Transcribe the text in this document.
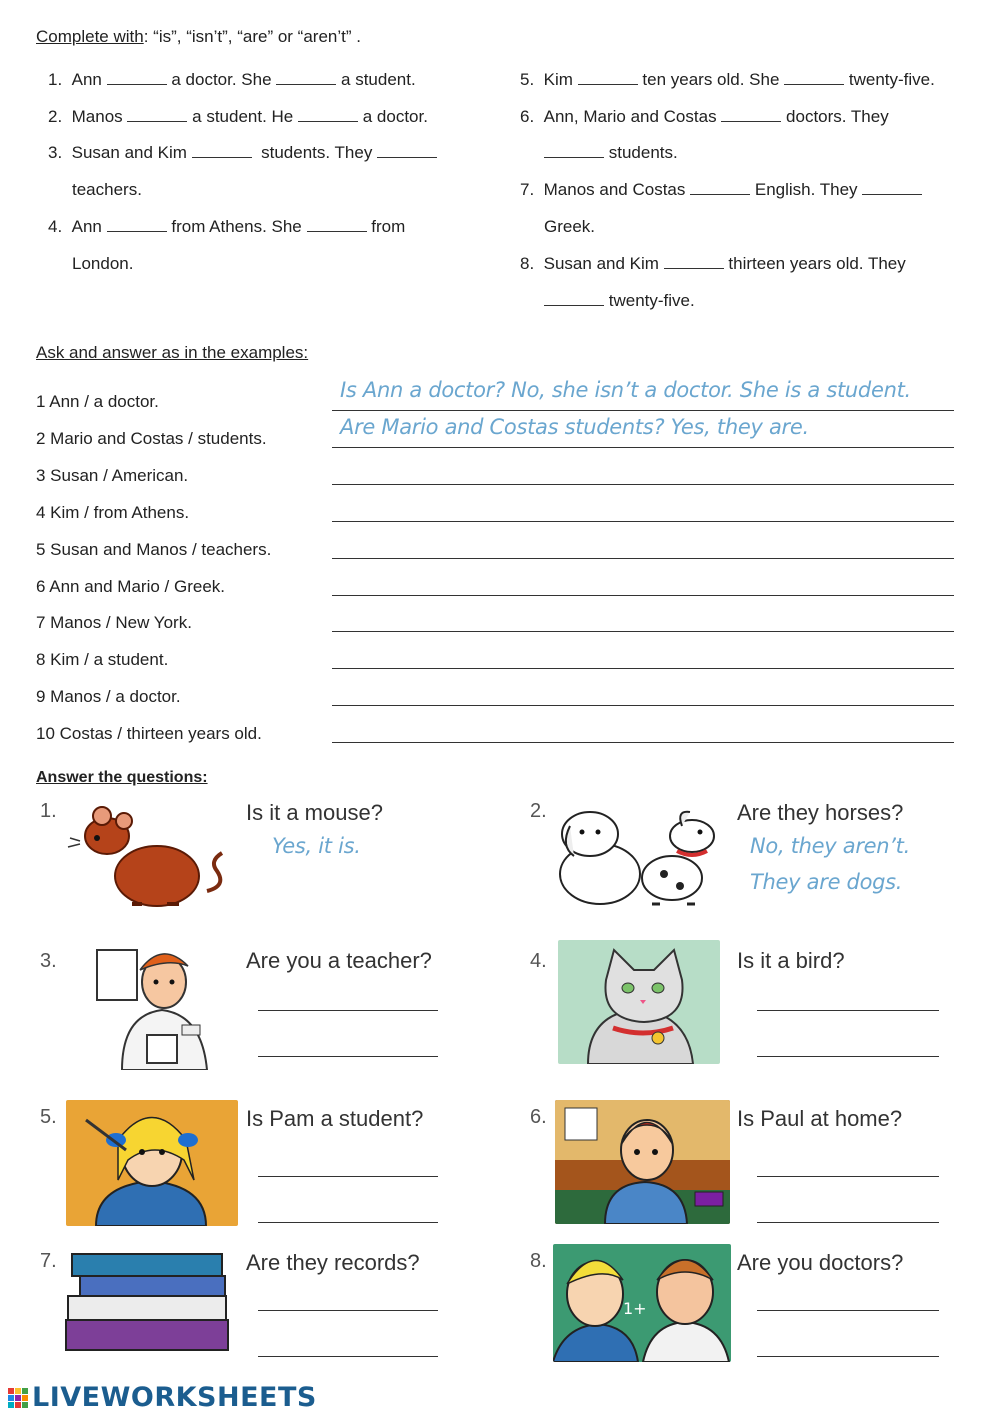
Complete with: “is”, “isn’t”, “are” or “aren’t” .
1. Ann	a doctor. She	a student.
2. Manos	a student. He	a doctor.
3. Susan and Kim	students. They
teachers.
4. Ann	from Athens. She	from
London.
5. Kim	ten years old. She	twenty-five.
6. Ann, Mario and Costas	doctors. They
students.
7. Manos and Costas	English. They
Greek.
8. Susan and Kim	thirteen years old. They
twenty-five.
Ask and answer as in the examples:
1 Ann / a doctor.	Is Ann a doctor? No, she isn’t a doctor. She is a student.
2 Mario and Costas / students.	Are Mario and Costas students? Yes, they are.
3 Susan / American.
4 Kim / from Athens.
5 Susan and Manos / teachers.
6 Ann and Mario / Greek.
7 Manos / New York.
8 Kim / a student.
9 Manos / a doctor.
10 Costas / thirteen years old.
Answer the questions:
1.	Is it a mouse?
Yes, it is.
2.	Are they horses?
No, they aren’t.
They are dogs.
3.	Are you a teacher?	4.	Is it a bird?
5.	Is Pam a student?	6.	Is Paul at home?
7.	Are they records?	8.
1+
Are you doctors?
LIVEWORKSHEETS
